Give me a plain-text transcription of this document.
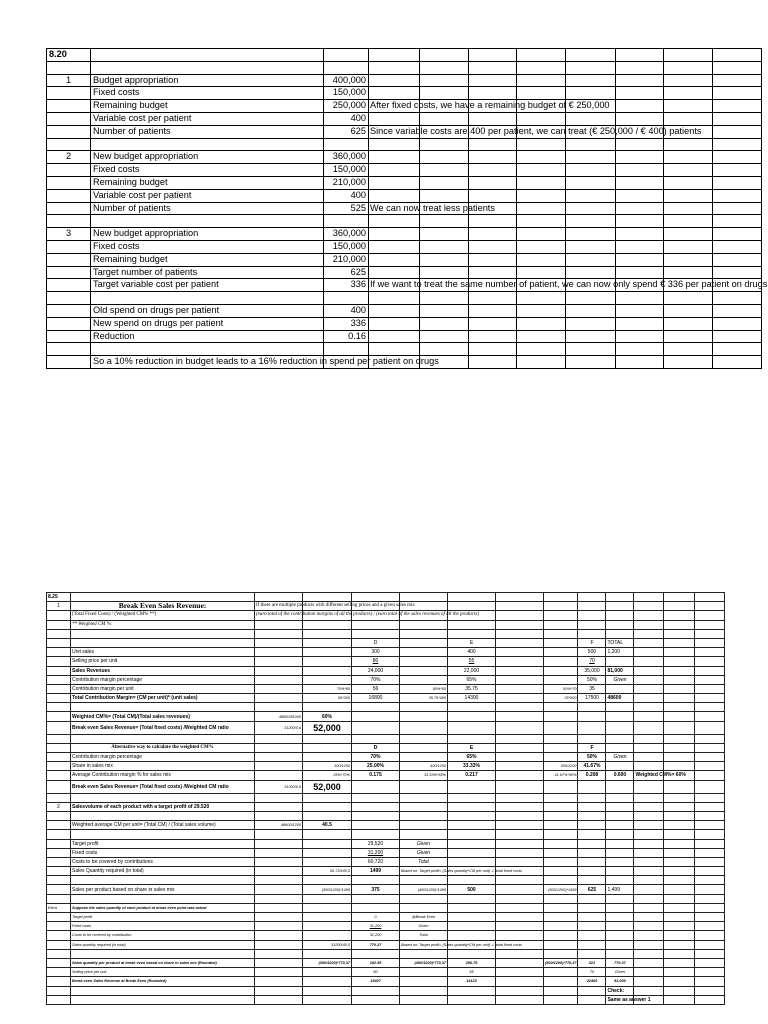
8.20										

1	Budget appropriation	400,000								
	Fixed costs	150,000								
	Remaining budget	250,000	After fixed costs, we have a remaining budget of € 250,000							

	Variable cost per patient	400								
	Number of patients	625	Since variable costs are 400 per patient, we can treat (€ 250,000 / € 400) patients							

2	New budget appropriation	360,000								
	Fixed costs	150,000								
	Remaining budget	210,000								
	Variable cost per patient	400								
	Number of patients	525	We can now treat less patients							

3	New budget appropriation	360,000								
	Fixed costs	150,000								
	Remaining budget	210,000								
	Target number of patients	625								
	Target variable cost per patient	336	If we want to treat the same number of patient, we can now only spend € 336 per patient on drugs							

	Old spend on drugs per patient	400								
	New spend on drugs per patient	336								
	Reduction	0.16								

	So a 10% reduction in budget leads to a 16% reduction in spend per patient on drugs									

8.25													
1	Break Even Sales Revenue:	If there are multiple products with different selling prices and a given sales mix											

	(Total Fixed Costs) / (Weighted CM% **)	(euro total of the contribution margins of all the products) / (euro total of the sales revenues of all the products)											

	** Weighted CM %:												

				D		E			F	TOTAL			
	Unit sales			300		400			500	1,200			
	Selling price per unit			80		55			70				
	Sales Revenues			24,000		22,000			35,000	81,000			
	Contribution margin percentage			70%		65%			50%	Given			
	Contribution margin per unit		70%*80	56	65%*55	35.75		50%*70	35				
	Total Contribution Margin= (CM per unit)* (unit sales)		56*300	16800	35.75*400	14300		35*500	17500	48600			

	Weighted CM%= (Total CM)/(Total sales revenues)	48600/81000	60%										
	Break even Sales Revenue= (Total fixed costs) /Weighted CM ratio	31200/0.6	52,000										

	Alternative way to calculate the weighted CM%			D		E			F				
	Contribution margin percentage			70%		65%			50%	Given			
	Share in sales mix		300/1200	25.00%	400/1200	33.33%		500/1200	41.67%				
	Average Contribution margin % for sales mix		25%*70%	0.175	33.33%*65%	0.217		41.67%*50%	0.208	0.600	Weighted CM%= 60%		

	Break even Sales Revenue= (Total fixed costs) /Weighted CM ratio	31200/0.6	52,000										

2	Salesvolume of each product with a target profit of 29.520												

	Weighted average CM per unit= (Total CM) / (Total sales volume)	48600/1200	40.5										

	Target profit			29,520	Given								
	Fixed costs			31,200	Given								
	Costs to be covered by contributions			60,720	Total								
	Sales Quantity required (in total)		60.720/40,5	1499	Based on: Target profit= (Sales quantity*CM per unit) -/- total fixed costs								

	Sales per product based on share in sales mix		(300/1200)*1499	375	(400/1200)*1499	500		(500/1200)*1499	625	1,499			

Extra	Suppose the sales quantity of each product at break even point was asked												
	Target profit			0	@Break Even								
	Fixed costs			31,200	Given								
	Costs to be covered by contribution			31,200	Total								
	Sales quantity required (in total)		31200/40,5	770.37	Based on: Target profit= (Sales quantity*CM per unit) -/- total fixed costs								

	Sales quantity per product at break even based on share in sales mix (Rounded)		(300/1200)*770,37	192.59	(400/1200)*770,37	256.79		(500/1200)*770,37	321	770.37			
	Selling price per unit			80		55			70	Given			
	Break even Sales Revenue at Break Even (Rounded)			15407		14123			22469	52,000			
										Check:			

										Same as answer 1			
